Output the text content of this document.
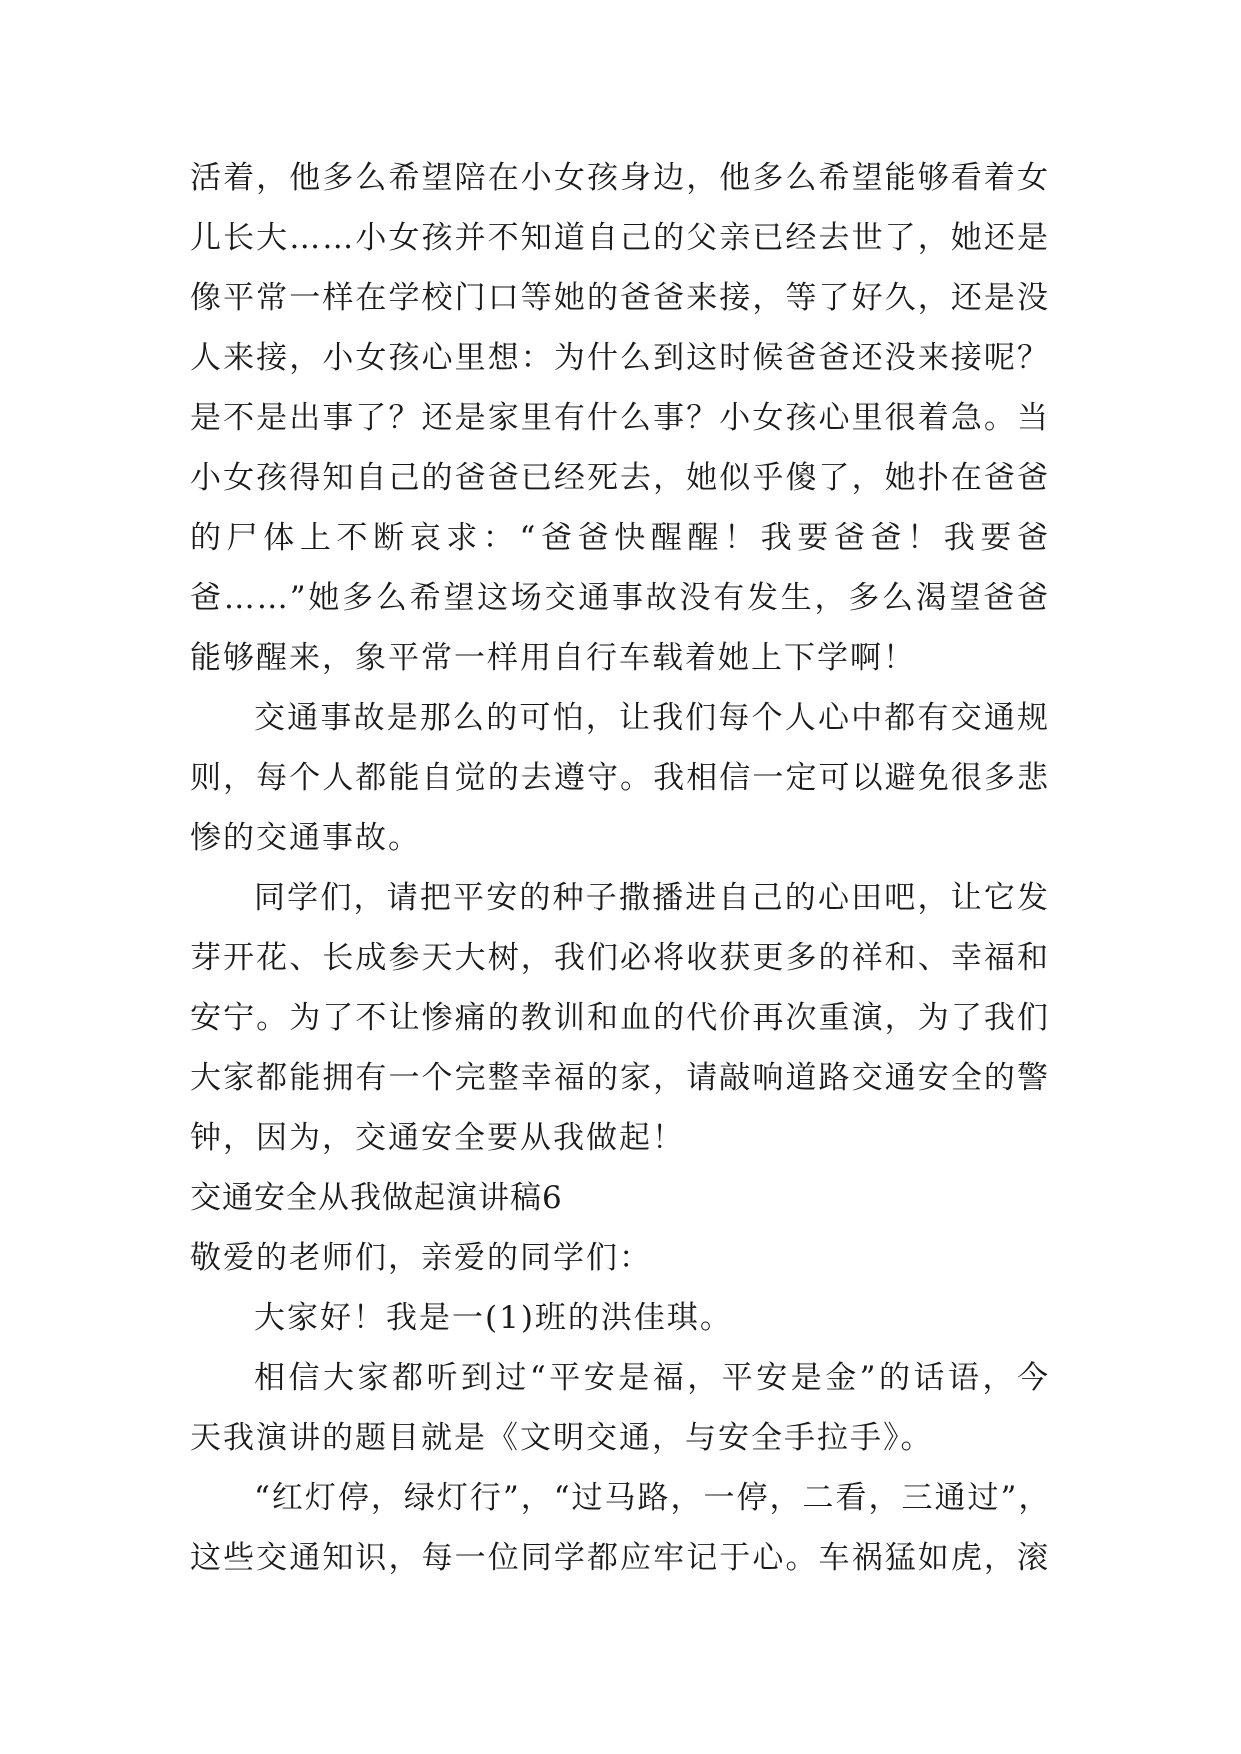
活着，他多么希望陪在小女孩身边，他多么希望能够看着女
儿长大……小女孩并不知道自己的父亲已经去世了，她还是
像平常一样在学校门口等她的爸爸来接，等了好久，还是没
人来接，小女孩心里想：为什么到这时候爸爸还没来接呢？
是不是出事了？还是家里有什么事？小女孩心里很着急。当
小女孩得知自己的爸爸已经死去，她似乎傻了，她扑在爸爸
的尸体上不断哀求：“爸爸快醒醒！我要爸爸！我要爸
爸……”她多么希望这场交通事故没有发生，多么渴望爸爸
能够醒来，象平常一样用自行车载着她上下学啊！
交通事故是那么的可怕，让我们每个人心中都有交通规
则，每个人都能自觉的去遵守。我相信一定可以避免很多悲
惨的交通事故。
同学们，请把平安的种子撒播进自己的心田吧，让它发
芽开花、长成参天大树，我们必将收获更多的祥和、幸福和
安宁。为了不让惨痛的教训和血的代价再次重演，为了我们
大家都能拥有一个完整幸福的家，请敲响道路交通安全的警
钟，因为，交通安全要从我做起！
交通安全从我做起演讲稿6
敬爱的老师们，亲爱的同学们：
大家好！我是一(1)班的洪佳琪。
相信大家都听到过“平安是福，平安是金”的话语，今
天我演讲的题目就是《文明交通，与安全手拉手》。
“红灯停，绿灯行”，“过马路，一停，二看，三通过”，
这些交通知识，每一位同学都应牢记于心。车祸猛如虎，滚
